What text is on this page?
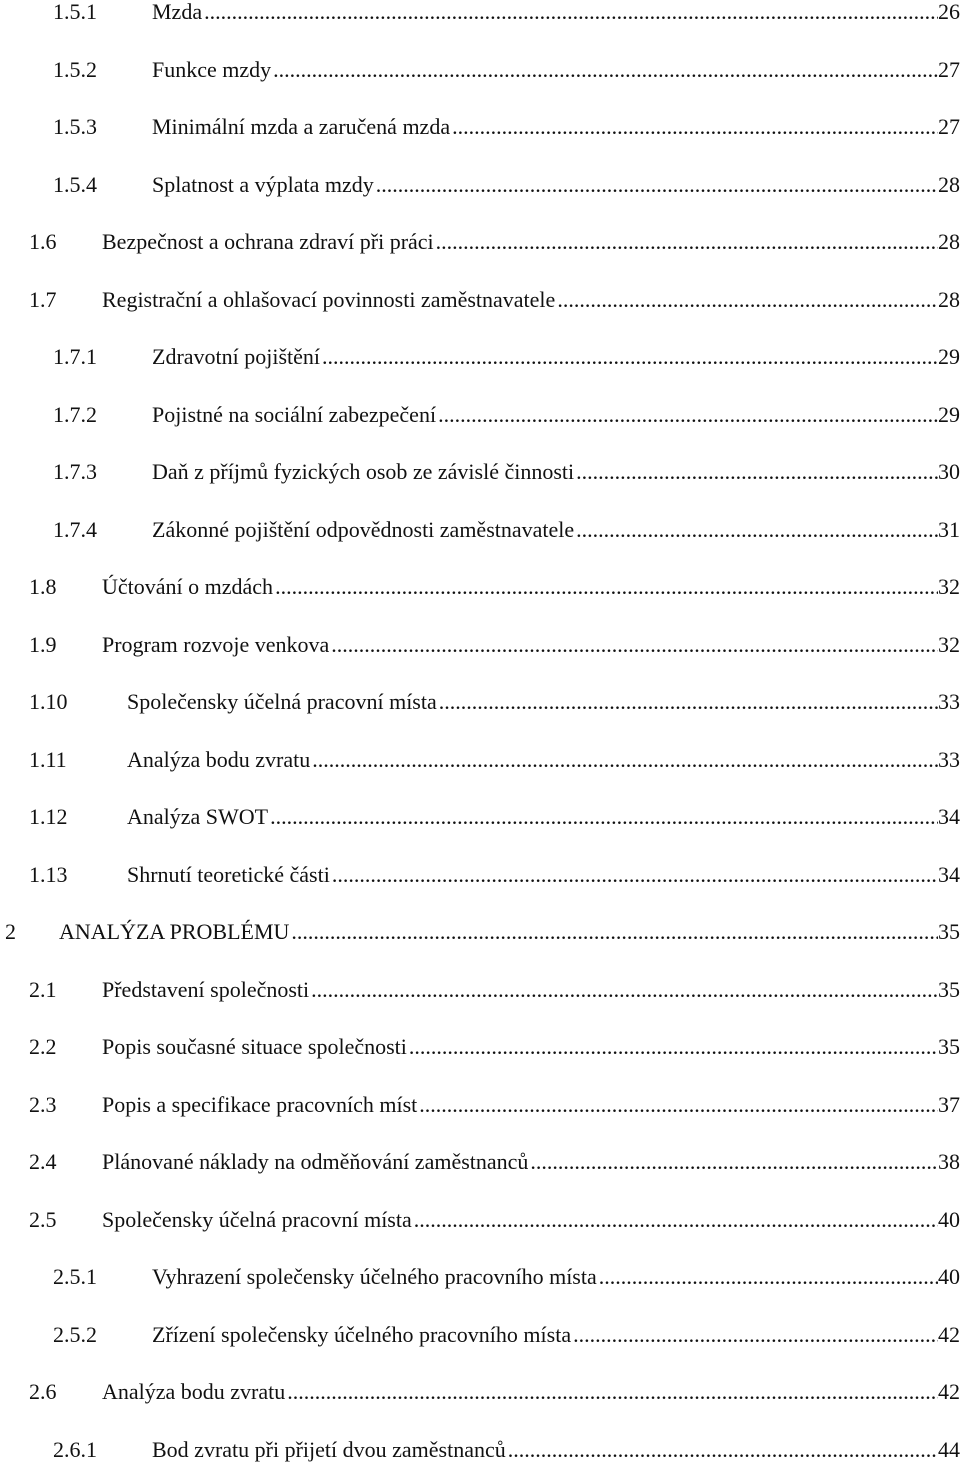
1.5.1	Mzda .....	26
1.5.2	Funkce mzdy .....	27
1.5.3	Minimální mzda a zaručená mzda .....	27
1.5.4	Splatnost a výplata mzdy .....	28
1.6 Bezpečnost a ochrana zdraví při práci .....	28
1.7 Registrační a ohlašovací povinnosti zaměstnavatele .....	28
1.7.1	Zdravotní pojištění .....	29
1.7.2	Pojistné na sociální zabezpečení .....	29
1.7.3	Daň z příjmů fyzických osob ze závislé činnosti .....	30
1.7.4	Zákonné pojištění odpovědnosti zaměstnavatele .....	31
1.8 Účtování o mzdách .....	32
1.9 Program rozvoje venkova .....	32
1.10	Společensky účelná pracovní místa .....	33
1.11	Analýza bodu zvratu .....	33
1.12	Analýza SWOT .....	34
1.13	Shrnutí teoretické části .....	34
2 ANALÝZA PROBLÉMU .....	35
2.1 Představení společnosti .....	35
2.2 Popis současné situace společnosti .....	35
2.3 Popis a specifikace pracovních míst .....	37
2.4 Plánované náklady na odměňování zaměstnanců .....	38
2.5 Společensky účelná pracovní místa .....	40
2.5.1	Vyhrazení společensky účelného pracovního místa .....	40
2.5.2	Zřízení společensky účelného pracovního místa .....	42
2.6 Analýza bodu zvratu .....	42
2.6.1	Bod zvratu při přijetí dvou zaměstnanců .....	44
